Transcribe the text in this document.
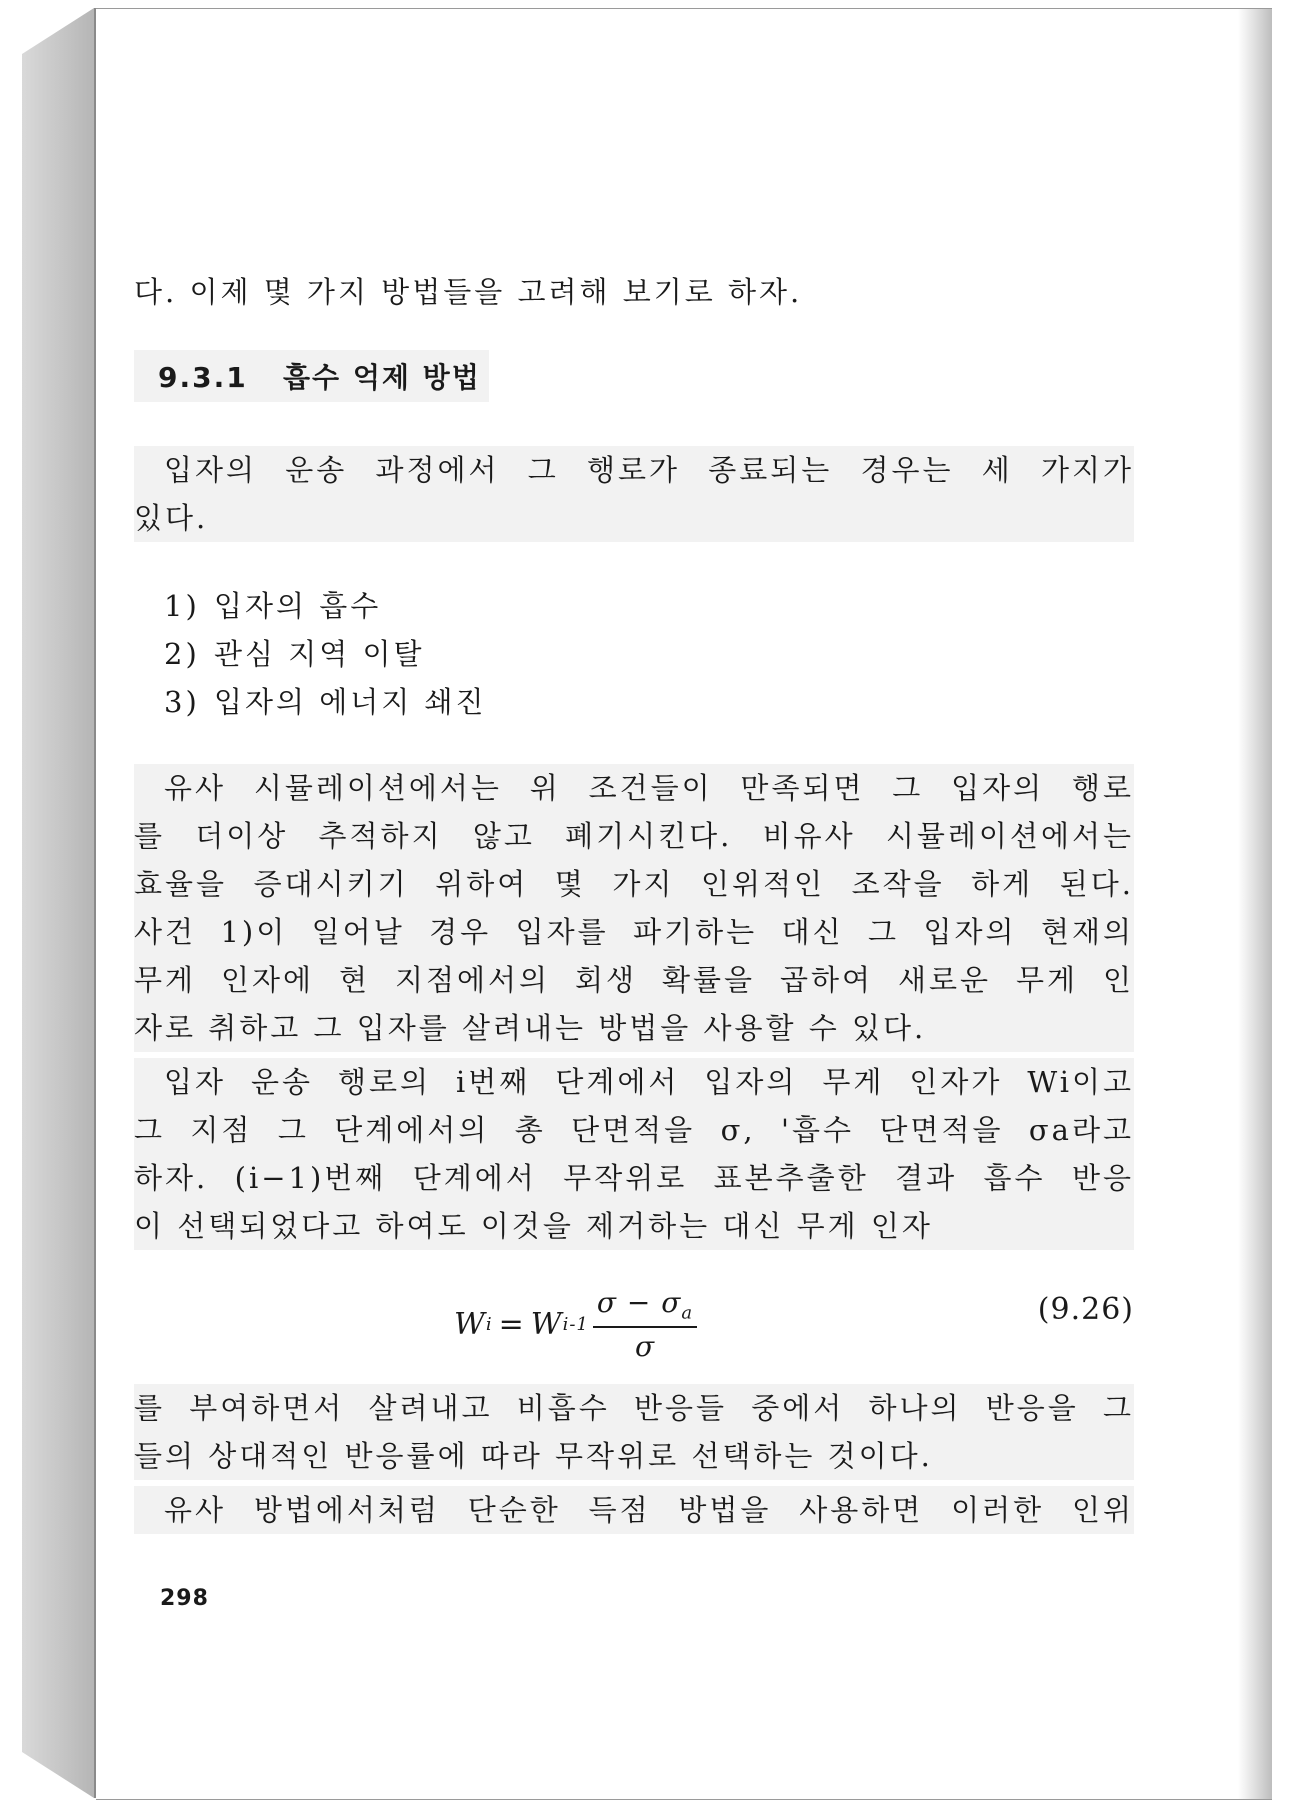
다. 이제 몇 가지 방법들을 고려해 보기로 하자.

9.3.1 흡수 억제 방법
입자의 운송 과정에서 그 행로가 종료되는 경우는 세 가지가
있다.
1) 입자의 흡수
2) 관심 지역 이탈
3) 입자의 에너지 쇄진
유사 시뮬레이션에서는 위 조건들이 만족되면 그 입자의 행로
를 더이상 추적하지 않고 폐기시킨다. 비유사 시뮬레이션에서는
효율을 증대시키기 위하여 몇 가지 인위적인 조작을 하게 된다.
사건 1)이 일어날 경우 입자를 파기하는 대신 그 입자의 현재의
무게 인자에 현 지점에서의 회생 확률을 곱하여 새로운 무게 인
자로 취하고 그 입자를 살려내는 방법을 사용할 수 있다.
입자 운송 행로의 i번째 단계에서 입자의 무게 인자가 Wi이고
그 지점 그 단계에서의 총 단면적을 σ, '흡수 단면적을 σa라고
하자. (i−1)번째 단계에서 무작위로 표본추출한 결과 흡수 반응
이 선택되었다고 하여도 이것을 제거하는 대신 무게 인자
W i = W $i-1 \frac{\sigma - \sigma_a}{\sigma}$	(9.26)
를 부여하면서 살려내고 비흡수 반응들 중에서 하나의 반응을 그
들의 상대적인 반응률에 따라 무작위로 선택하는 것이다.
유사 방법에서처럼 단순한 득점 방법을 사용하면 이러한 인위
298
